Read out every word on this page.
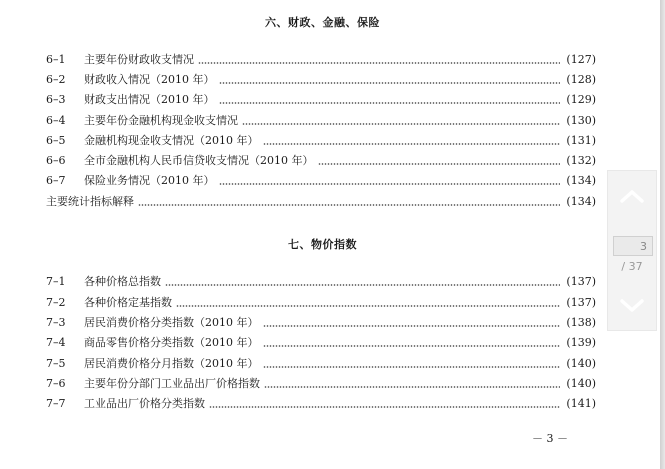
六、财政、金融、保险
6–1	主要年份财政收支情况	(127)
6–2	财政收入情况（2010 年）	(128)
6–3	财政支出情况（2010 年）	(129)
6–4	主要年份金融机构现金收支情况	(130)
6–5	金融机构现金收支情况（2010 年）	(131)
6–6	全市金融机构人民币信贷收支情况（2010 年）	(132)
6–7	保险业务情况（2010 年）	(134)
主要统计指标解释	(134)
七、物价指数
7–1	各种价格总指数	(137)
7–2	各种价格定基指数	(137)
7–3	居民消费价格分类指数（2010 年）	(138)
7–4	商品零售价格分类指数（2010 年）	(139)
7–5	居民消费价格分月指数（2010 年）	(140)
7–6	主要年份分部门工业品出厂价格指数	(140)
7–7	工业品出厂价格分类指数	(141)
－ 3 －
3
/ 37
